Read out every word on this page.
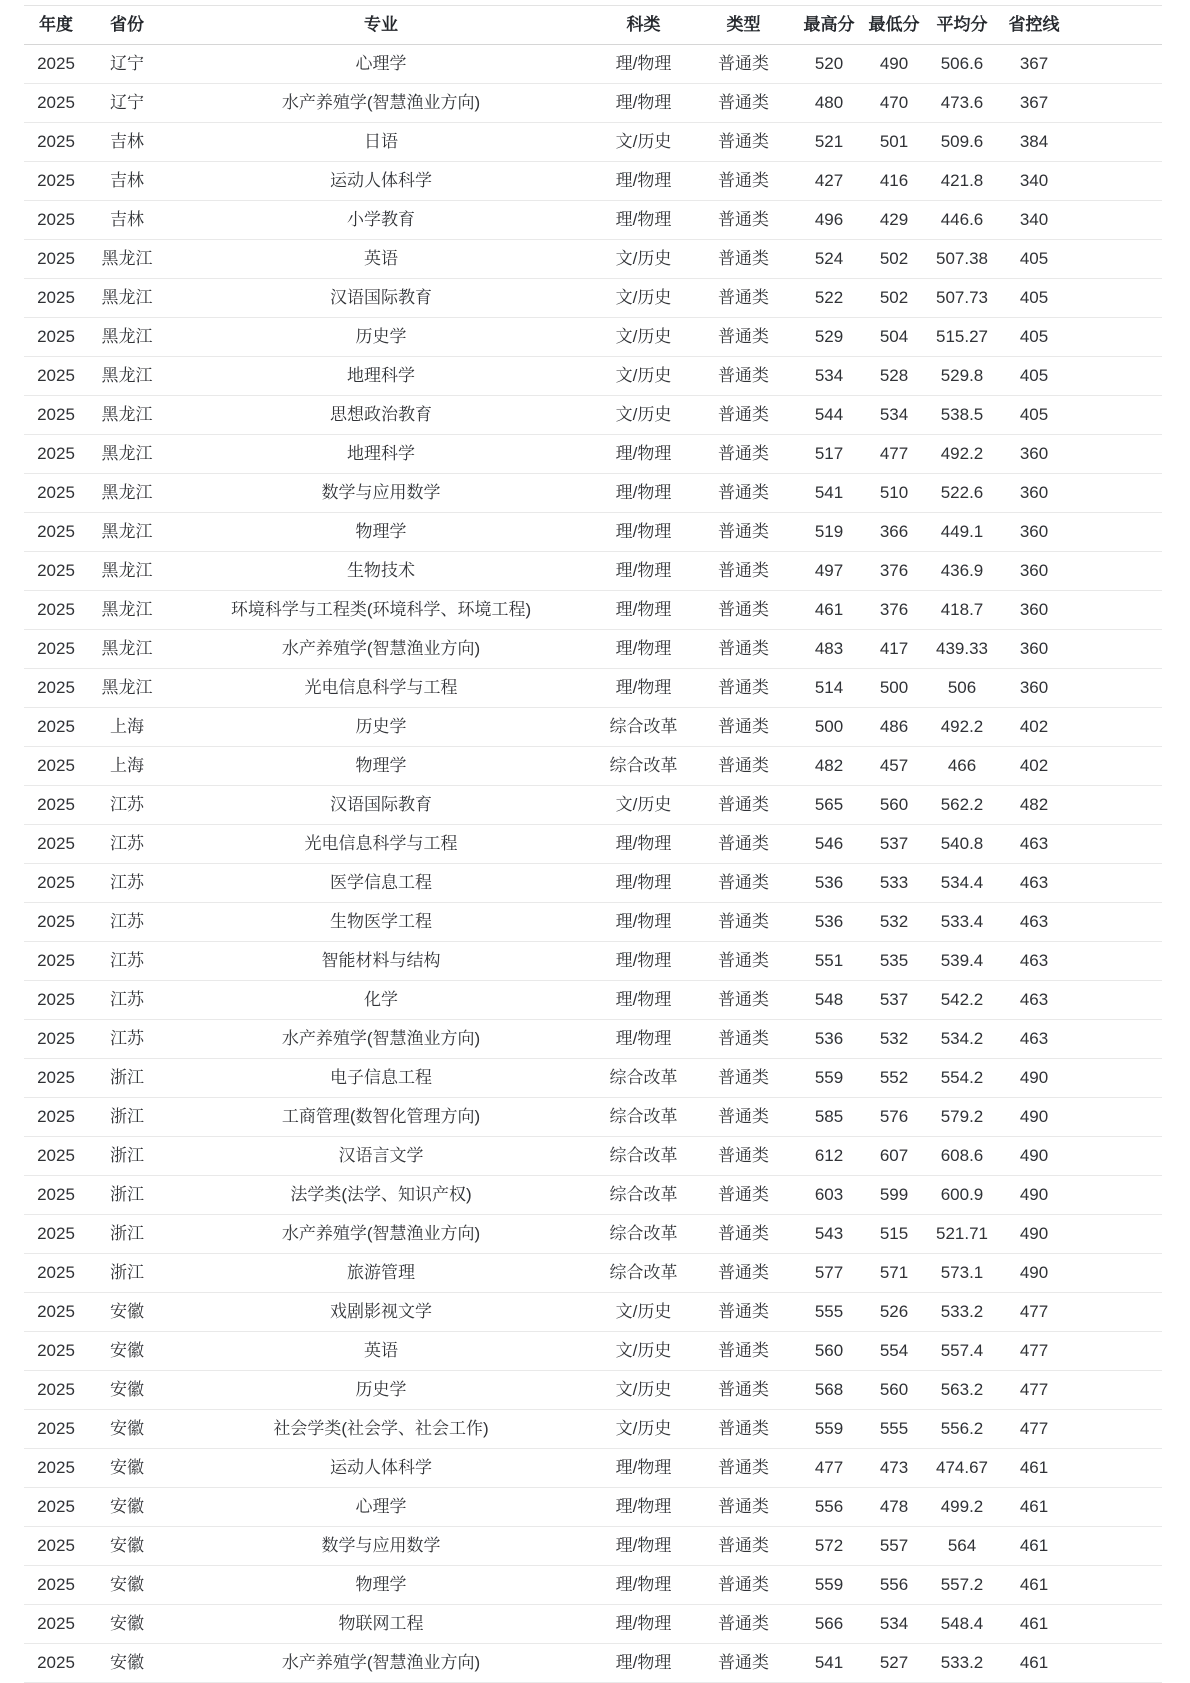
年度	省份	专业	科类	类型	最高分	最低分	平均分	省控线	
2025	辽宁	心理学	理/物理	普通类	520	490	506.6	367	
2025	辽宁	水产养殖学(智慧渔业方向)	理/物理	普通类	480	470	473.6	367	
2025	吉林	日语	文/历史	普通类	521	501	509.6	384	
2025	吉林	运动人体科学	理/物理	普通类	427	416	421.8	340	
2025	吉林	小学教育	理/物理	普通类	496	429	446.6	340	
2025	黑龙江	英语	文/历史	普通类	524	502	507.38	405	
2025	黑龙江	汉语国际教育	文/历史	普通类	522	502	507.73	405	
2025	黑龙江	历史学	文/历史	普通类	529	504	515.27	405	
2025	黑龙江	地理科学	文/历史	普通类	534	528	529.8	405	
2025	黑龙江	思想政治教育	文/历史	普通类	544	534	538.5	405	
2025	黑龙江	地理科学	理/物理	普通类	517	477	492.2	360	
2025	黑龙江	数学与应用数学	理/物理	普通类	541	510	522.6	360	
2025	黑龙江	物理学	理/物理	普通类	519	366	449.1	360	
2025	黑龙江	生物技术	理/物理	普通类	497	376	436.9	360	
2025	黑龙江	环境科学与工程类(环境科学、环境工程)	理/物理	普通类	461	376	418.7	360	
2025	黑龙江	水产养殖学(智慧渔业方向)	理/物理	普通类	483	417	439.33	360	
2025	黑龙江	光电信息科学与工程	理/物理	普通类	514	500	506	360	
2025	上海	历史学	综合改革	普通类	500	486	492.2	402	
2025	上海	物理学	综合改革	普通类	482	457	466	402	
2025	江苏	汉语国际教育	文/历史	普通类	565	560	562.2	482	
2025	江苏	光电信息科学与工程	理/物理	普通类	546	537	540.8	463	
2025	江苏	医学信息工程	理/物理	普通类	536	533	534.4	463	
2025	江苏	生物医学工程	理/物理	普通类	536	532	533.4	463	
2025	江苏	智能材料与结构	理/物理	普通类	551	535	539.4	463	
2025	江苏	化学	理/物理	普通类	548	537	542.2	463	
2025	江苏	水产养殖学(智慧渔业方向)	理/物理	普通类	536	532	534.2	463	
2025	浙江	电子信息工程	综合改革	普通类	559	552	554.2	490	
2025	浙江	工商管理(数智化管理方向)	综合改革	普通类	585	576	579.2	490	
2025	浙江	汉语言文学	综合改革	普通类	612	607	608.6	490	
2025	浙江	法学类(法学、知识产权)	综合改革	普通类	603	599	600.9	490	
2025	浙江	水产养殖学(智慧渔业方向)	综合改革	普通类	543	515	521.71	490	
2025	浙江	旅游管理	综合改革	普通类	577	571	573.1	490	
2025	安徽	戏剧影视文学	文/历史	普通类	555	526	533.2	477	
2025	安徽	英语	文/历史	普通类	560	554	557.4	477	
2025	安徽	历史学	文/历史	普通类	568	560	563.2	477	
2025	安徽	社会学类(社会学、社会工作)	文/历史	普通类	559	555	556.2	477	
2025	安徽	运动人体科学	理/物理	普通类	477	473	474.67	461	
2025	安徽	心理学	理/物理	普通类	556	478	499.2	461	
2025	安徽	数学与应用数学	理/物理	普通类	572	557	564	461	
2025	安徽	物理学	理/物理	普通类	559	556	557.2	461	
2025	安徽	物联网工程	理/物理	普通类	566	534	548.4	461	
2025	安徽	水产养殖学(智慧渔业方向)	理/物理	普通类	541	527	533.2	461	
